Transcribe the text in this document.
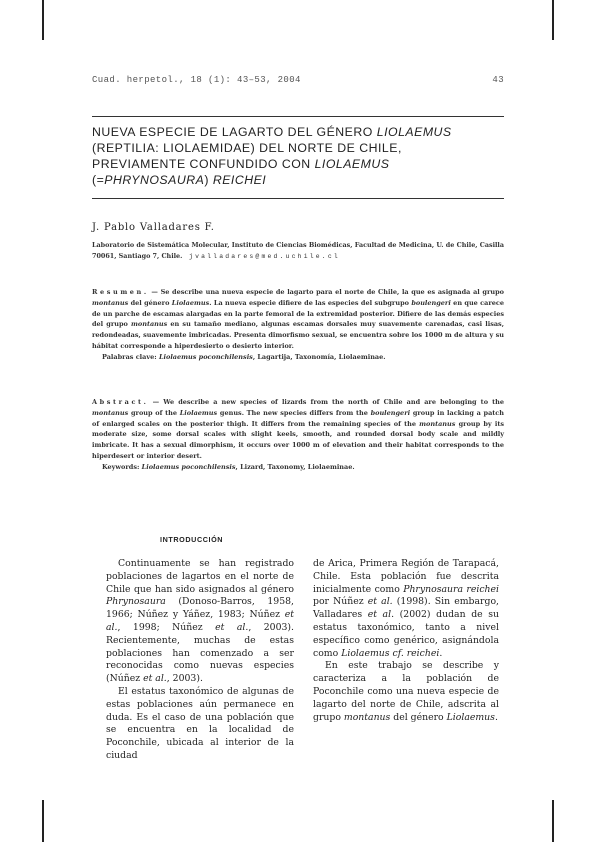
Cuad. herpetol., 18 (1): 43–53, 2004	43
NUEVA ESPECIE DE LAGARTO DEL GÉNERO LIOLAEMUS
(REPTILIA: LIOLAEMIDAE) DEL NORTE DE CHILE,
PREVIAMENTE CONFUNDIDO CON LIOLAEMUS
(=PHRYNOSAURA) REICHEI
J. Pablo Valladares F.
Laboratorio de Sistemática Molecular, Instituto de Ciencias Biomédicas, Facultad de Medicina, U. de Chile, Casilla 70061, Santiago 7, Chile. jvalladares@med.uchile.cl
Resumen. — Se describe una nueva especie de lagarto para el norte de Chile, la que es asignada al grupo montanus del género Liolaemus. La nueva especie difiere de las especies del subgrupo boulengeri en que carece de un parche de escamas alargadas en la parte femoral de la extremidad posterior. Difiere de las demás especies del grupo montanus en su tamaño mediano, algunas escamas dorsales muy suavemente carenadas, casi lisas, redondeadas, suavemente imbricadas. Presenta dimorfismo sexual, se encuentra sobre los 1000 m de altura y su hábitat corresponde a hiperdesierto o desierto interior.
Palabras clave: Liolaemus poconchilensis, Lagartija, Taxonomía, Liolaeminae.
Abstract. — We describe a new species of lizards from the north of Chile and are belonging to the montanus group of the Liolaemus genus. The new species differs from the boulengeri group in lacking a patch of enlarged scales on the posterior thigh. It differs from the remaining species of the montanus group by its moderate size, some dorsal scales with slight keels, smooth, and rounded dorsal body scale and mildly imbricate. It has a sexual dimorphism, it occurs over 1000 m of elevation and their habitat corresponds to the hiperdesert or interior desert.
Keywords: Liolaemus poconchilensis, Lizard, Taxonomy, Liolaeminae.
INTRODUCCIÓN

Continuamente se han registrado poblaciones de lagartos en el norte de Chile que han sido asignados al género Phrynosaura (Donoso-Barros, 1958, 1966; Núñez y Yáñez, 1983; Núñez et al., 1998; Núñez et al., 2003). Recientemente, muchas de estas poblaciones han comenzado a ser reconocidas como nuevas especies (Núñez et al., 2003).

El estatus taxonómico de algunas de estas poblaciones aún permanece en duda. Es el caso de una población que se encuentra en la localidad de Poconchile, ubicada al interior de la ciudad

de Arica, Primera Región de Tarapacá, Chile. Esta población fue descrita inicialmente como Phrynosaura reichei por Núñez et al. (1998). Sin embargo, Valladares et al. (2002) dudan de su estatus taxonómico, tanto a nivel específico como genérico, asignándola como Liolaemus cf. reichei.

En este trabajo se describe y caracteriza a la población de Poconchile como una nueva especie de lagarto del norte de Chile, adscrita al grupo montanus del género Liolaemus.
